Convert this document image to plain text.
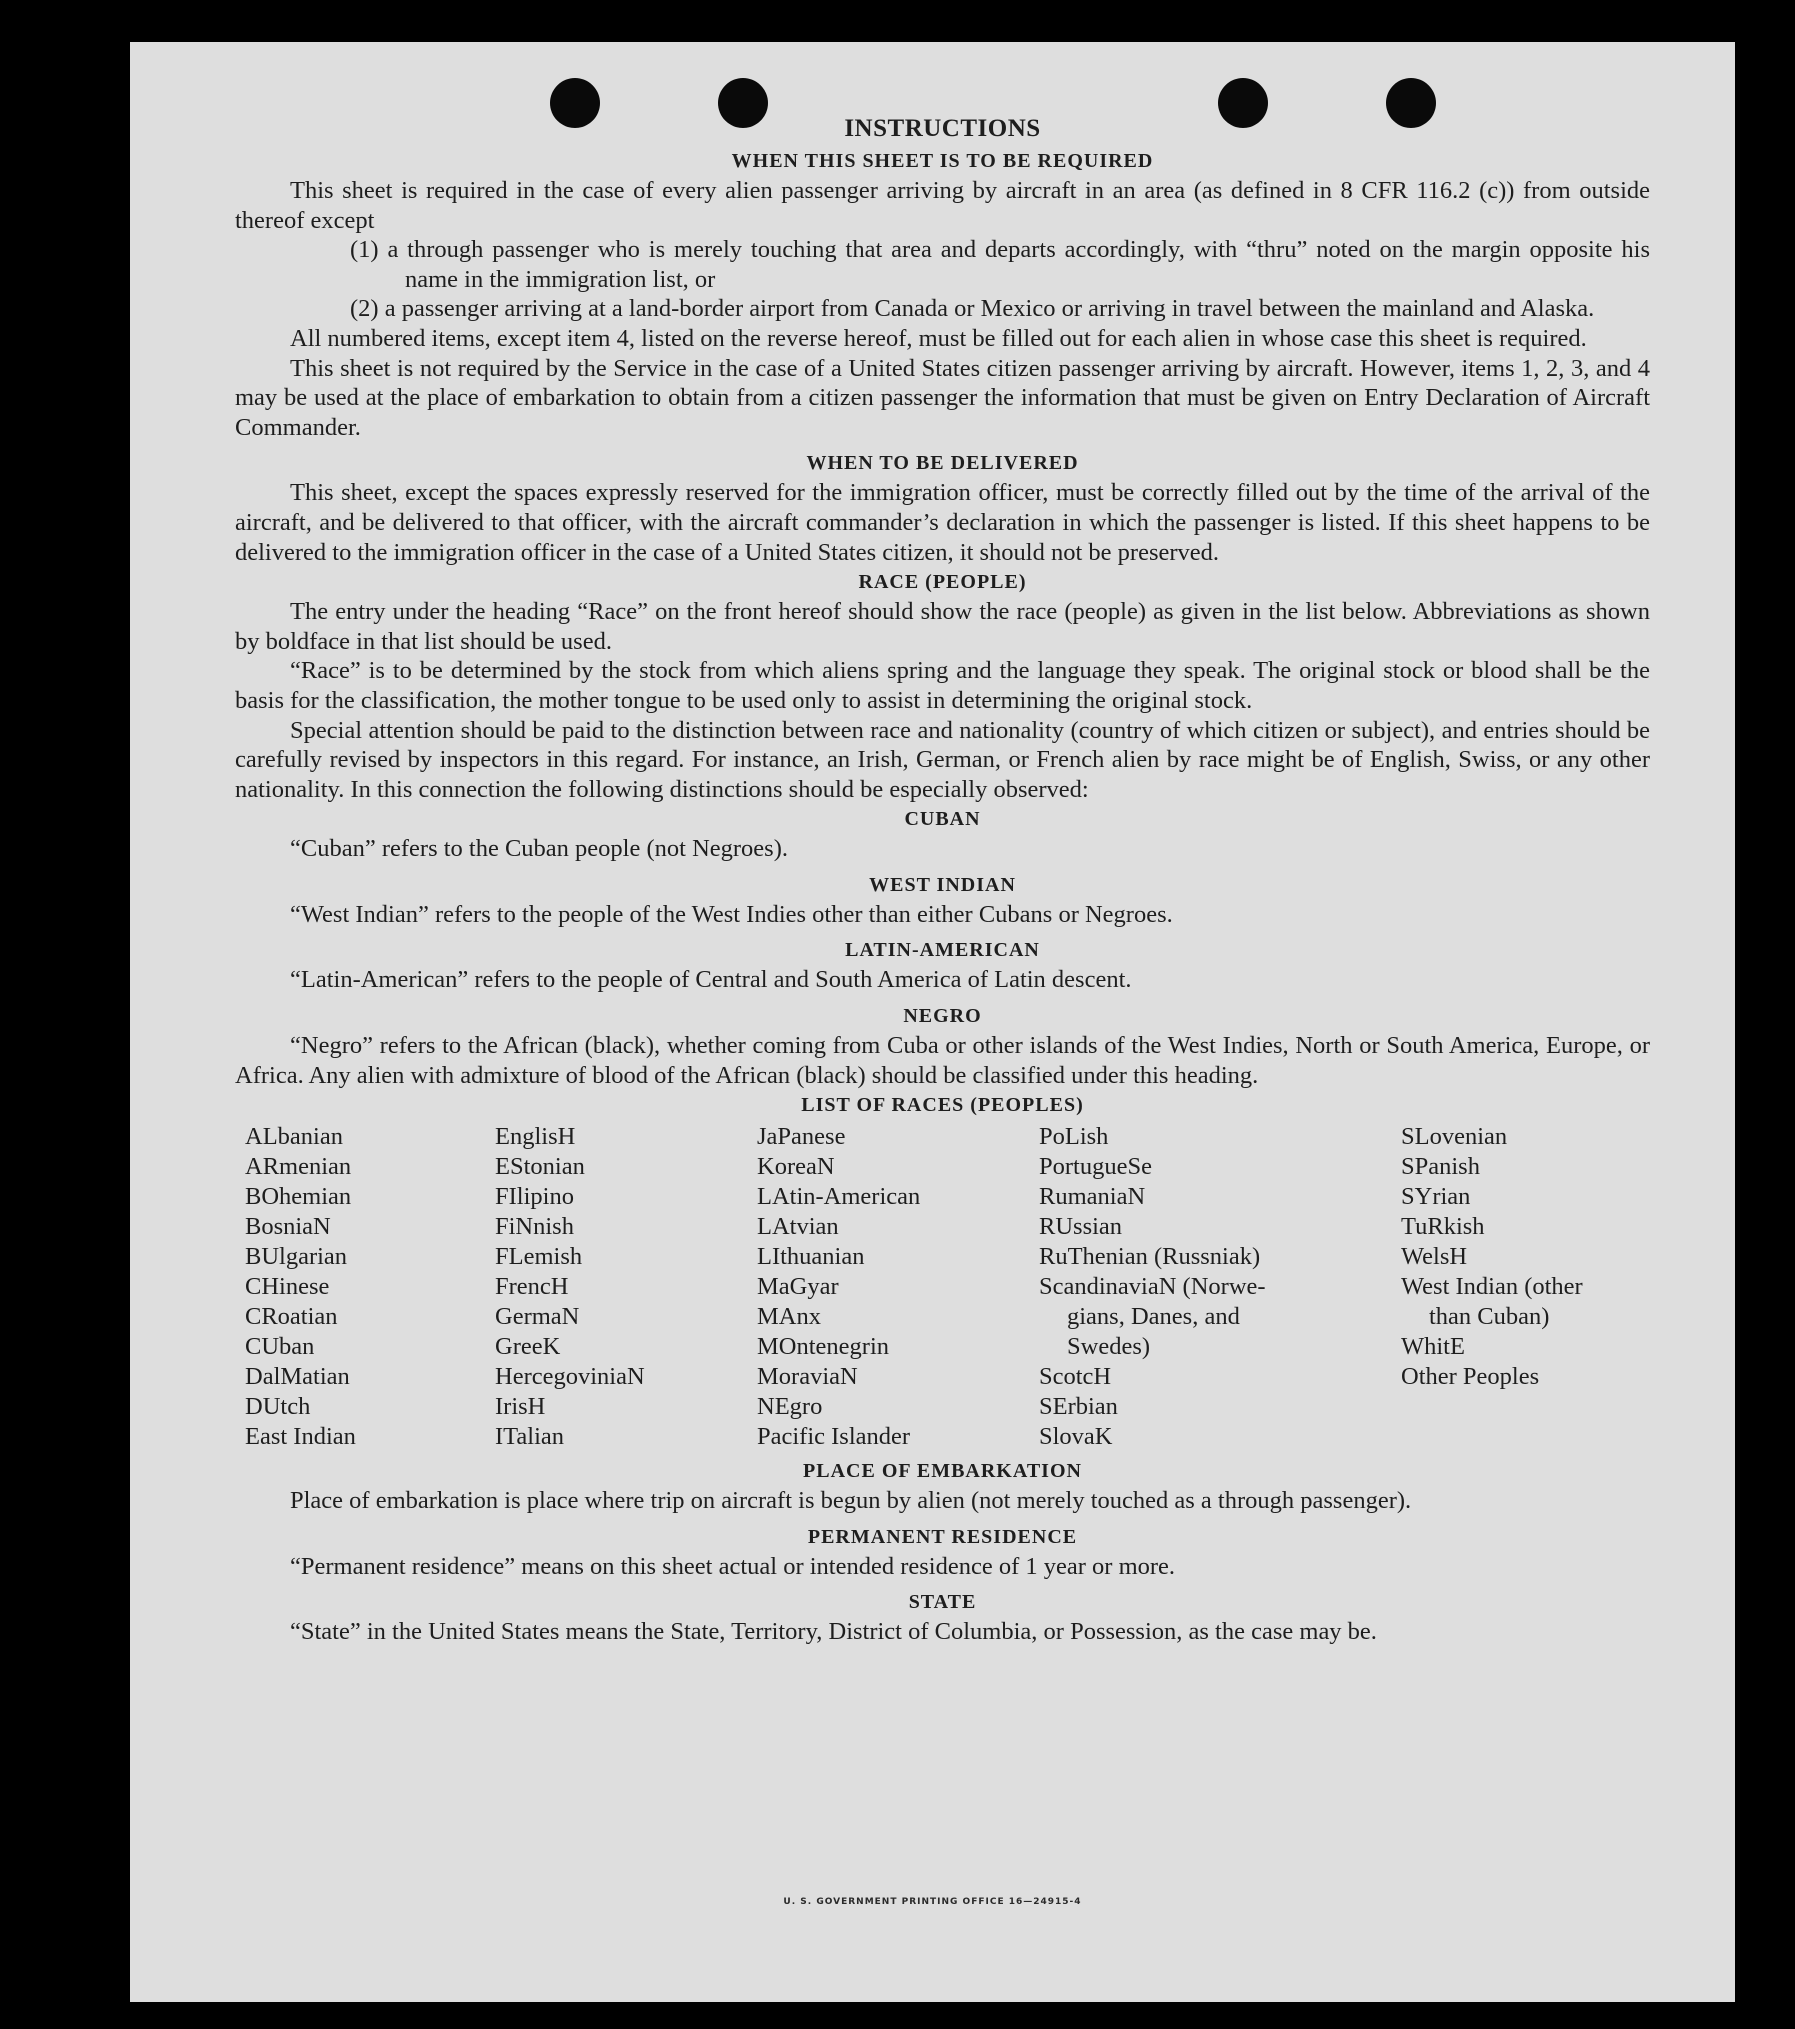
INSTRUCTIONS
WHEN THIS SHEET IS TO BE REQUIRED

This sheet is required in the case of every alien passenger arriving by aircraft in an area (as defined in 8 CFR 116.2 (c)) from outside thereof except

(1) a through passenger who is merely touching that area and departs accordingly, with “thru” noted on the margin opposite his name in the immigration list, or

(2) a passenger arriving at a land-border airport from Canada or Mexico or arriving in travel between the mainland and Alaska.

All numbered items, except item 4, listed on the reverse hereof, must be filled out for each alien in whose case this sheet is required.

This sheet is not required by the Service in the case of a United States citizen passenger arriving by aircraft. However, items 1, 2, 3, and 4 may be used at the place of embarkation to obtain from a citizen passenger the information that must be given on Entry Declaration of Aircraft Commander.

WHEN TO BE DELIVERED

This sheet, except the spaces expressly reserved for the immigration officer, must be correctly filled out by the time of the arrival of the aircraft, and be delivered to that officer, with the aircraft commander’s declaration in which the passenger is listed. If this sheet happens to be delivered to the immigration officer in the case of a United States citizen, it should not be preserved.

RACE (PEOPLE)

The entry under the heading “Race” on the front hereof should show the race (people) as given in the list below. Abbreviations as shown by boldface in that list should be used.

“Race” is to be determined by the stock from which aliens spring and the language they speak. The original stock or blood shall be the basis for the classification, the mother tongue to be used only to assist in determining the original stock.

Special attention should be paid to the distinction between race and nationality (country of which citizen or subject), and entries should be carefully revised by inspectors in this regard. For instance, an Irish, German, or French alien by race might be of English, Swiss, or any other nationality. In this connection the following distinctions should be especially observed:

CUBAN

“Cuban” refers to the Cuban people (not Negroes).

WEST INDIAN

“West Indian” refers to the people of the West Indies other than either Cubans or Negroes.

LATIN-AMERICAN

“Latin-American” refers to the people of Central and South America of Latin descent.

NEGRO

“Negro” refers to the African (black), whether coming from Cuba or other islands of the West Indies, North or South America, Europe, or Africa. Any alien with admixture of blood of the African (black) should be classified under this heading.

LIST OF RACES (PEOPLES)
ALbanian
ARmenian
BOhemian
BosniaN
BUlgarian
CHinese
CRoatian
CUban
DalMatian
DUtch
East Indian
EnglisH
EStonian
FIlipino
FiNnish
FLemish
FrencH
GermaN
GreeK
HercegoviniaN
IrisH
ITalian
JaPanese
KoreaN
LAtin-American
LAtvian
LIthuanian
MaGyar
MAnx
MOntenegrin
MoraviaN
NEgro
Pacific Islander
PoLish
PortugueSe
RumaniaN
RUssian
RuThenian (Russniak)
ScandinaviaN (Norwe-
gians, Danes, and
Swedes)
ScotcH
SErbian
SlovaK
SLovenian
SPanish
SYrian
TuRkish
WelsH
West Indian (other
than Cuban)
WhitE
Other Peoples
PLACE OF EMBARKATION

Place of embarkation is place where trip on aircraft is begun by alien (not merely touched as a through passenger).

PERMANENT RESIDENCE

“Permanent residence” means on this sheet actual or intended residence of 1 year or more.

STATE

“State” in the United States means the State, Territory, District of Columbia, or Possession, as the case may be.

U. S. GOVERNMENT PRINTING OFFICE 16—24915-4
